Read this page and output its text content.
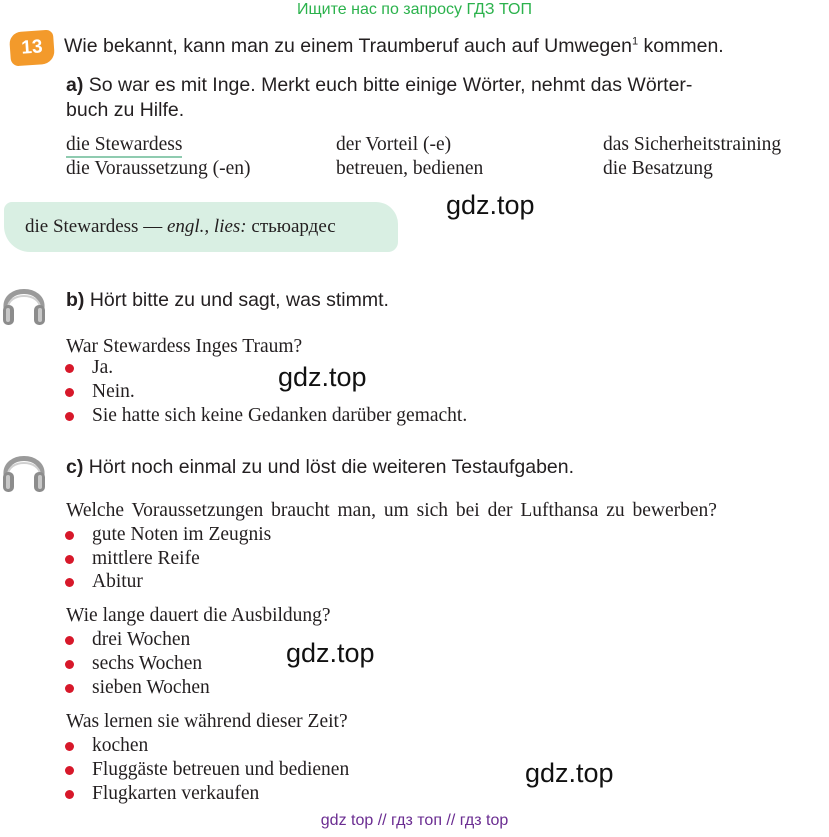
Ищите нас по запросу ГДЗ ТОП
gdz top // гдз топ // гдз top
13	Wie bekannt, kann man zu einem Traumberuf auch auf Umwegen$^1$ kommen.
a) So war es mit Inge. Merkt euch bitte einige Wörter, nehmt das Wörter-
buch zu Hilfe.
die Stewardess	der Vorteil (-e)	das Sicherheitstraining
die Voraussetzung (-en)	betreuen, bedienen	die Besatzung
die Stewardess — engl., lies: стьюардес
gdz.top
b) Hört bitte zu und sagt, was stimmt.
War Stewardess Inges Traum?
Ja.
Nein.
Sie hatte sich keine Gedanken darüber gemacht.
gdz.top
c) Hört noch einmal zu und löst die weiteren Testaufgaben.
Welche Voraussetzungen braucht man, um sich bei der Lufthansa zu bewerben?
gute Noten im Zeugnis
mittlere Reife
Abitur
Wie lange dauert die Ausbildung?
drei Wochen
sechs Wochen
sieben Wochen
gdz.top
Was lernen sie während dieser Zeit?
kochen
Fluggäste betreuen und bedienen
Flugkarten verkaufen
gdz.top
